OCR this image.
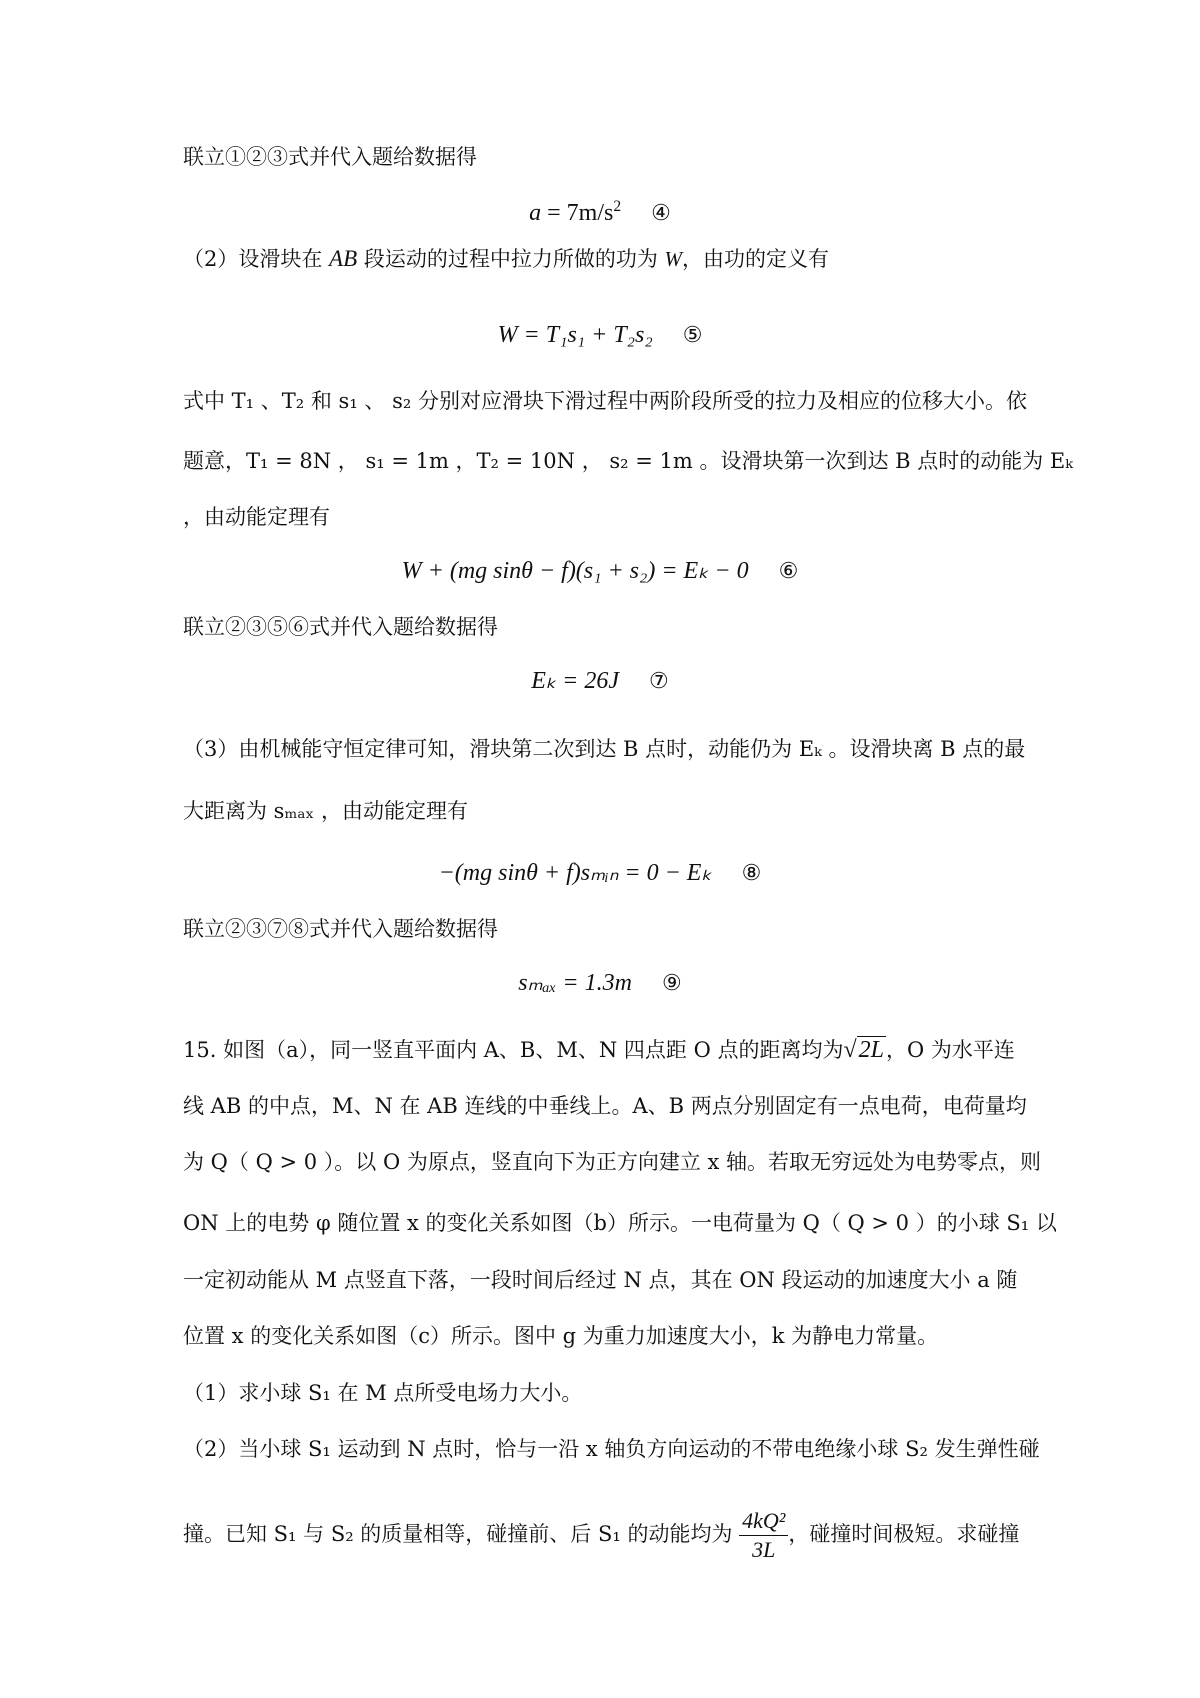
联立①②③式并代入题给数据得
$a = 7m/s^2$ ④
（2）设滑块在 AB 段运动的过程中拉力所做的功为 W，由功的定义有
W = T₁s₁ + T₂s₂ ⑤
式中 T₁ 、T₂ 和 s₁ 、 s₂ 分别对应滑块下滑过程中两阶段所受的拉力及相应的位移大小。依
题意，T₁ = 8N ， s₁ = 1m ，T₂ = 10N ， s₂ = 1m 。设滑块第一次到达 B 点时的动能为 Eₖ
，由动能定理有
W + (mg sinθ − f)(s₁ + s₂) = Eₖ − 0 ⑥
联立②③⑤⑥式并代入题给数据得
Eₖ = 26J ⑦
（3）由机械能守恒定律可知，滑块第二次到达 B 点时，动能仍为 Eₖ 。设滑块离 B 点的最
大距离为 sₘₐₓ ，由动能定理有
−(mg sinθ + f)sₘᵢₙ = 0 − Eₖ ⑧
联立②③⑦⑧式并代入题给数据得
sₘₐₓ = 1.3m ⑨
15. 如图（a），同一竖直平面内 A、B、M、N 四点距 O 点的距离均为√2L，O 为水平连
线 AB 的中点，M、N 在 AB 连线的中垂线上。A、B 两点分别固定有一点电荷，电荷量均
为 Q（ Q > 0 ）。以 O 为原点，竖直向下为正方向建立 x 轴。若取无穷远处为电势零点，则
ON 上的电势 φ 随位置 x 的变化关系如图（b）所示。一电荷量为 Q（ Q > 0 ）的小球 S₁ 以
一定初动能从 M 点竖直下落，一段时间后经过 N 点，其在 ON 段运动的加速度大小 a 随
位置 x 的变化关系如图（c）所示。图中 g 为重力加速度大小，k 为静电力常量。
（1）求小球 S₁ 在 M 点所受电场力大小。
（2）当小球 S₁ 运动到 N 点时，恰与一沿 x 轴负方向运动的不带电绝缘小球 S₂ 发生弹性碰
撞。已知 S₁ 与 S₂ 的质量相等，碰撞前、后 S₁ 的动能均为 $\frac{\text{4kQ²}}{3L}$ ，碰撞时间极短。求碰撞
